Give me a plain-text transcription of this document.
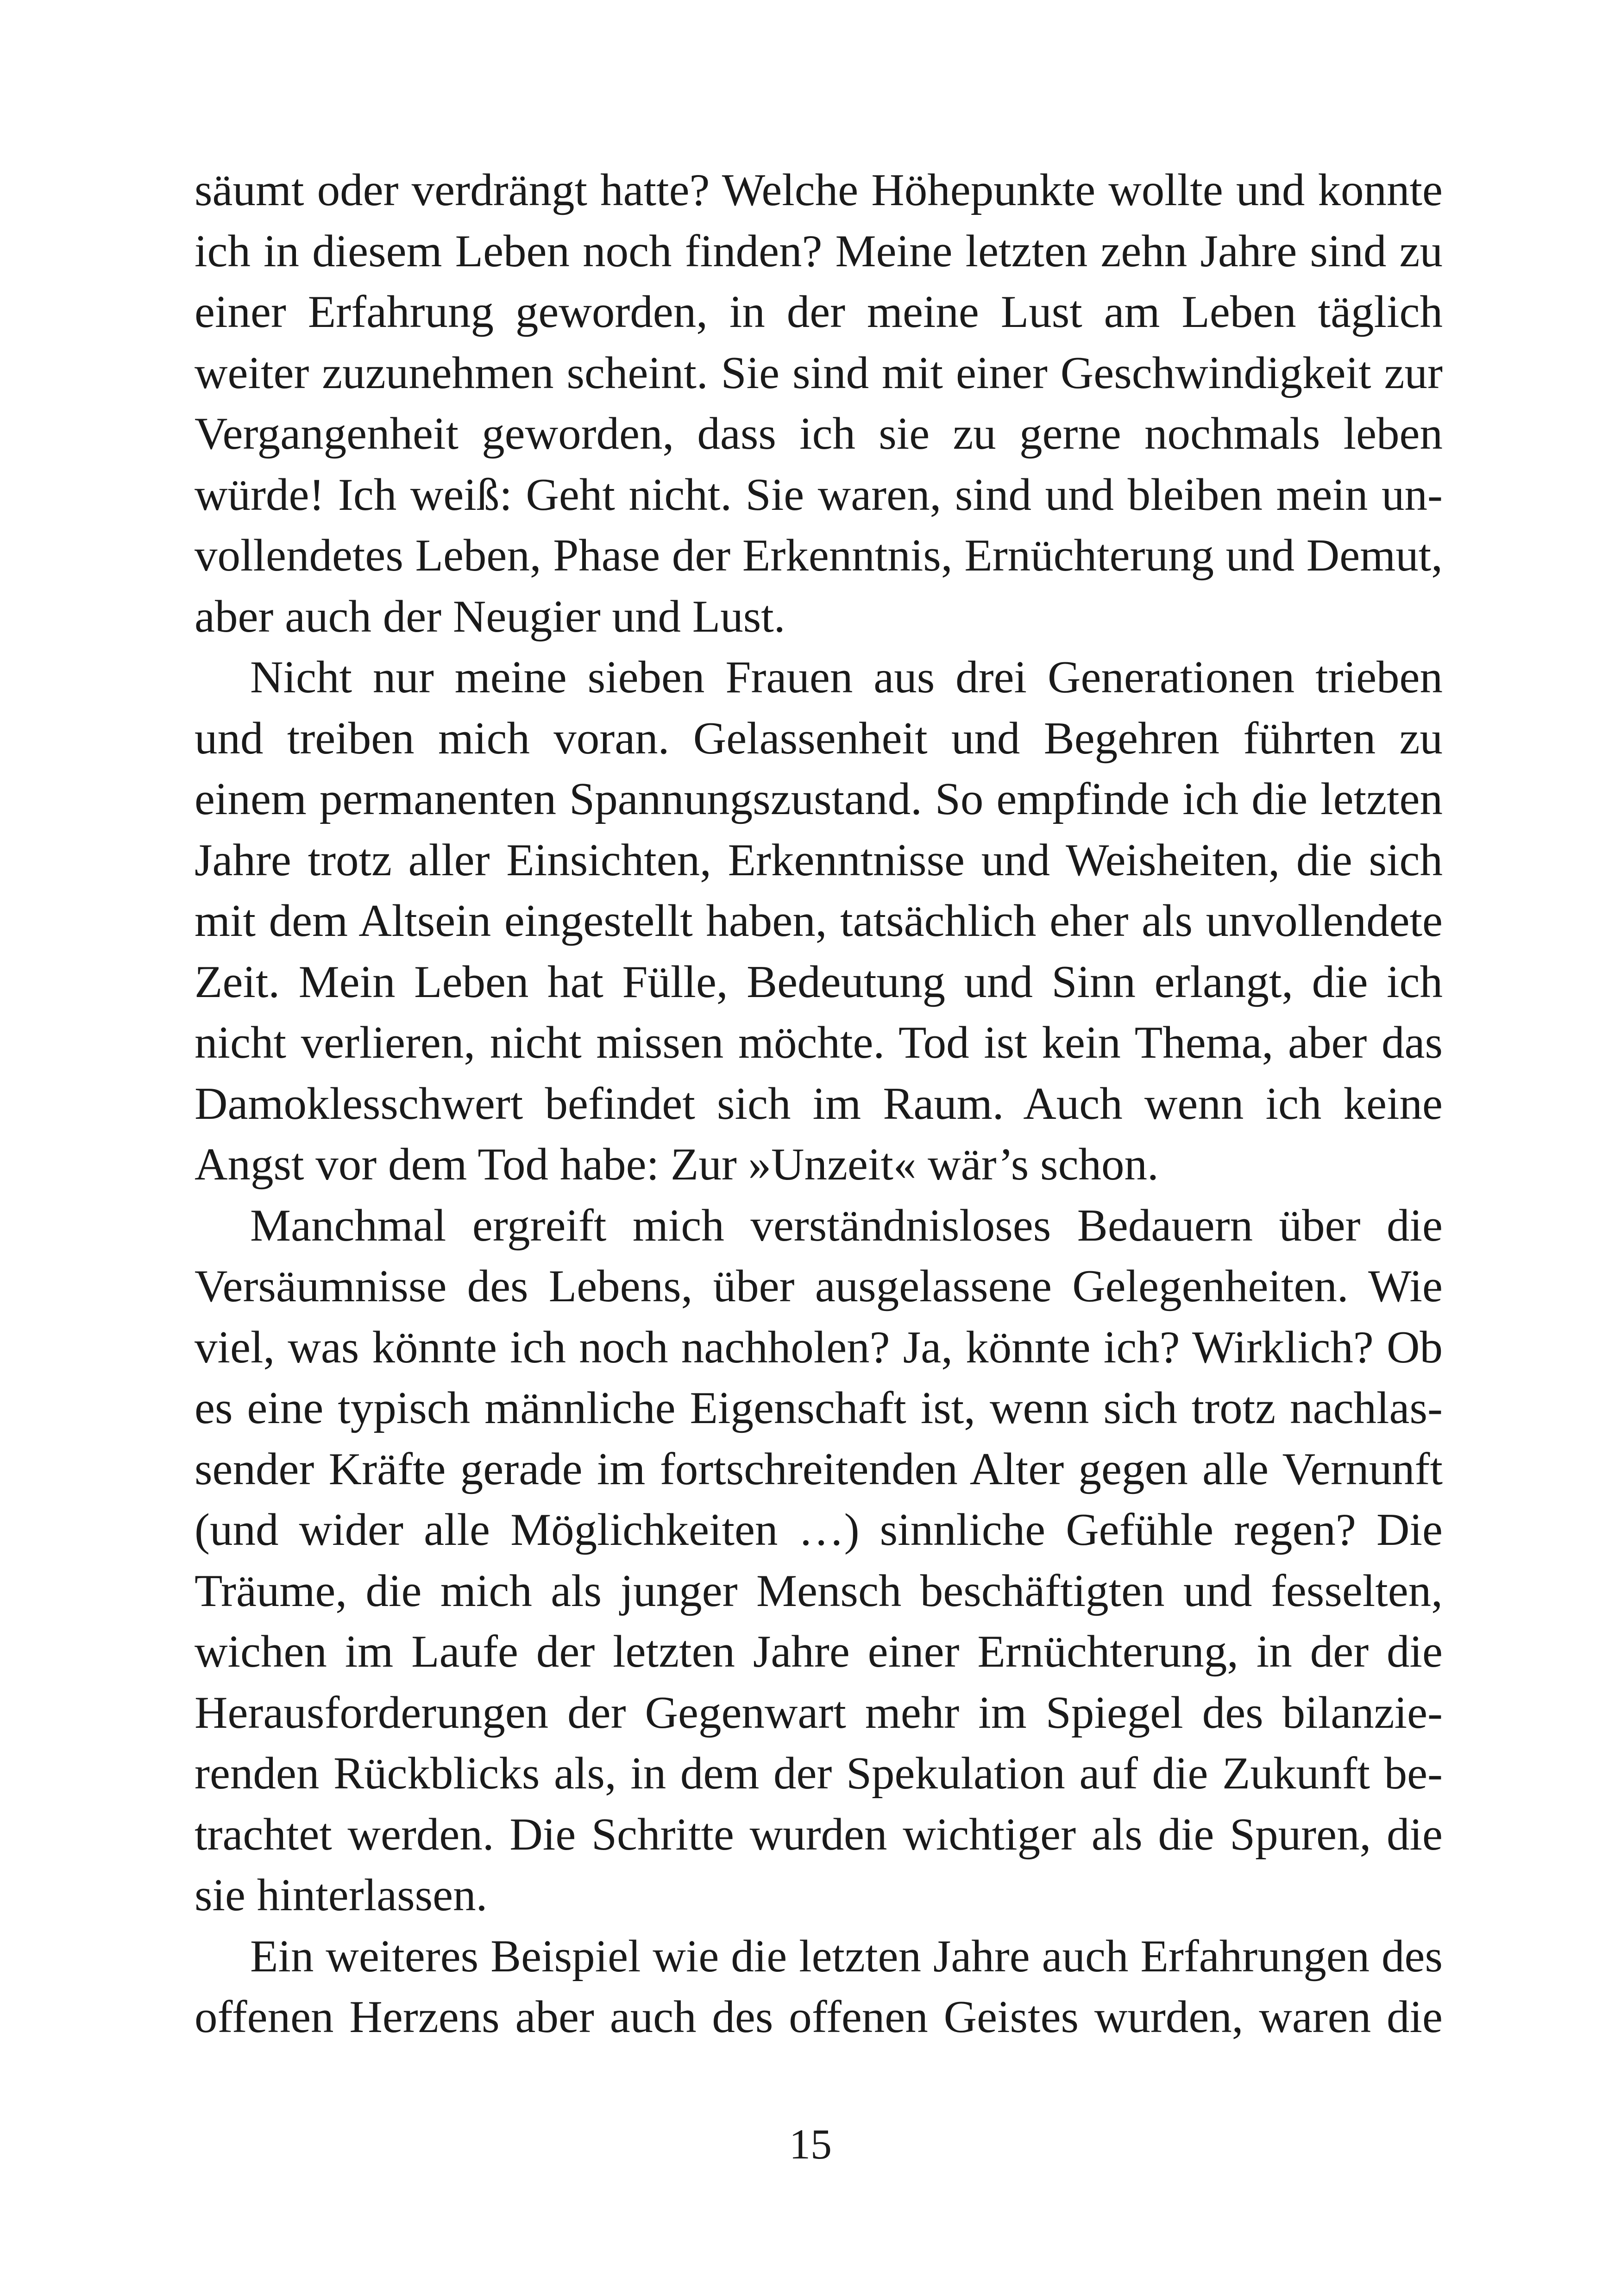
säumt oder verdrängt hatte? Welche Höhepunkte wollte und konnte
ich in diesem Leben noch finden? Meine letzten zehn Jahre sind zu
einer Erfahrung geworden, in der meine Lust am Leben täglich
weiter zuzunehmen scheint. Sie sind mit einer Geschwindigkeit zur
Vergangenheit geworden, dass ich sie zu gerne nochmals leben
würde! Ich weiß: Geht nicht. Sie waren, sind und bleiben mein un-
vollendetes Leben, Phase der Erkenntnis, Ernüchterung und Demut,
aber auch der Neugier und Lust.
Nicht nur meine sieben Frauen aus drei Generationen trieben
und treiben mich voran. Gelassenheit und Begehren führten zu
einem permanenten Spannungszustand. So empfinde ich die letzten
Jahre trotz aller Einsichten, Erkenntnisse und Weisheiten, die sich
mit dem Altsein eingestellt haben, tatsächlich eher als unvollendete
Zeit. Mein Leben hat Fülle, Bedeutung und Sinn erlangt, die ich
nicht verlieren, nicht missen möchte. Tod ist kein Thema, aber das
Damoklesschwert befindet sich im Raum. Auch wenn ich keine
Angst vor dem Tod habe: Zur »Unzeit« wär’s schon.
Manchmal ergreift mich verständnisloses Bedauern über die
Versäumnisse des Lebens, über ausgelassene Gelegenheiten. Wie
viel, was könnte ich noch nachholen? Ja, könnte ich? Wirklich? Ob
es eine typisch männliche Eigenschaft ist, wenn sich trotz nachlas-
sender Kräfte gerade im fortschreitenden Alter gegen alle Vernunft
(und wider alle Möglichkeiten …) sinnliche Gefühle regen? Die
Träume, die mich als junger Mensch beschäftigten und fesselten,
wichen im Laufe der letzten Jahre einer Ernüchterung, in der die
Herausforderungen der Gegenwart mehr im Spiegel des bilanzie-
renden Rückblicks als, in dem der Spekulation auf die Zukunft be-
trachtet werden. Die Schritte wurden wichtiger als die Spuren, die
sie hinterlassen.
Ein weiteres Beispiel wie die letzten Jahre auch Erfahrungen des
offenen Herzens aber auch des offenen Geistes wurden, waren die
15
